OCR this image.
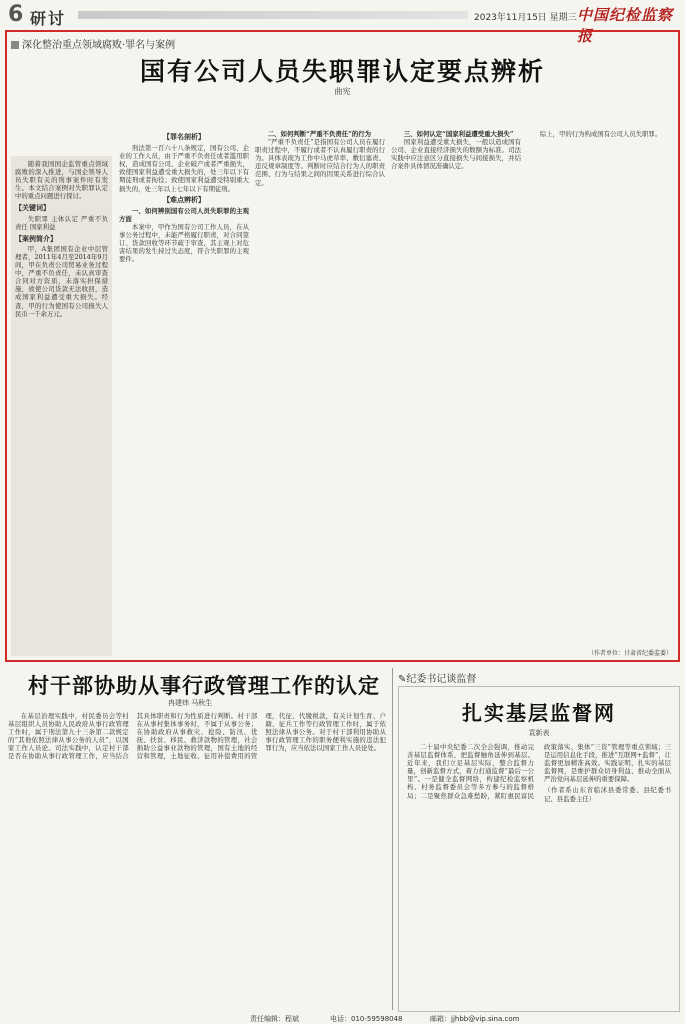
6 研讨	2023年11月15日 星期三 中国纪检监察报
深化整治重点领域腐败·罪名与案例
国有公司人员失职罪认定要点辨析
曲宪

随着我国国企监管重点领域腐败的深入推进，与国企领导人员失职有关的刑事案件时有发生。本文结合案例对失职罪认定中的重点问题进行探讨。

【关键词】

失职罪 主体认定 严重不负责任 国家利益

【案例简介】

甲，A集团国有企业中层管理者，2011年4月至2014年9月间，甲在负责公司贸易业务过程中，严重不负责任，未认真审查合同对方资质，未落实担保措施，致使公司货款无法收回，造成国家利益遭受重大损失。经查，甲的行为使国有公司损失人民币一千余万元。

【罪名剖析】

刑法第一百六十八条规定，国有公司、企业的工作人员，由于严重不负责任或者滥用职权，造成国有公司、企业破产或者严重损失，致使国家利益遭受重大损失的，处三年以下有期徒刑或者拘役；致使国家利益遭受特别重大损失的，处三年以上七年以下有期徒刑。

【难点辨析】

一、如何辨别国有公司人员失职罪的主观方面

本案中，甲作为国有公司工作人员，在从事公务过程中，未能严格履行职责，对合同签订、货款回收等环节疏于审查，其主观上对危害结果的发生持过失态度，符合失职罪的主观要件。

二、如何判断“严重不负责任”的行为

“严重不负责任”是指国有公司人员在履行职责过程中，不履行或者不认真履行职责的行为。具体表现为工作中马虎草率、敷衍塞责、违反规章制度等。判断时应结合行为人的职责范围、行为与结果之间的因果关系进行综合认定。

三、如何认定“国家利益遭受重大损失”

国家利益遭受重大损失，一般以造成国有公司、企业直接经济损失的数额为标准。司法实践中应注意区分直接损失与间接损失，并结合案件具体情况准确认定。

综上，甲的行为构成国有公司人员失职罪。

（作者单位：甘肃省纪委监委）
村干部协助从事行政管理工作的认定
冉建炜 马秋生

在基层治理实践中，村民委员会等村基层组织人员协助人民政府从事行政管理工作时，属于刑法第九十三条第二款规定的“其他依照法律从事公务的人员”，以国家工作人员论。司法实践中，认定村干部是否在协助从事行政管理工作，应当结合其具体职责和行为性质进行判断。村干部在从事村集体事务时，不属于从事公务；在协助政府从事救灾、抢险、防汛、优抚、扶贫、移民、救济款物的管理，社会捐助公益事业款物的管理，国有土地的经营和管理，土地征收、征用补偿费用的管理，代征、代缴税款，有关计划生育、户籍、征兵工作等行政管理工作时，属于依照法律从事公务。对于村干部利用协助从事行政管理工作的职务便利实施的违法犯罪行为，应当依法以国家工作人员论处。

✎纪委书记谈监督
扎实基层监督网
袁新表

二十届中央纪委二次全会强调，推动完善基层监督体系，把监督触角延伸到基层。近年来，我们立足基层实际，整合监督力量，创新监督方式，着力打通监督“最后一公里”。一是健全监督网络，构建纪检监察机构、村务监督委员会等多方参与的监督格局；二是聚焦群众急难愁盼，紧盯惠民富民政策落实、集体“三资”管理等重点领域；三是运用信息化手段，推进“互联网+监督”，让监督更加精准高效。实践证明，扎实的基层监督网，是维护群众切身利益、推动全面从严治党向基层延伸的重要保障。

（作者系山东省临沭县委常委、县纪委书记、县监委主任）

责任编辑：程斌	电话：010-59598048	邮箱：jjhbb@vip.sina.com
